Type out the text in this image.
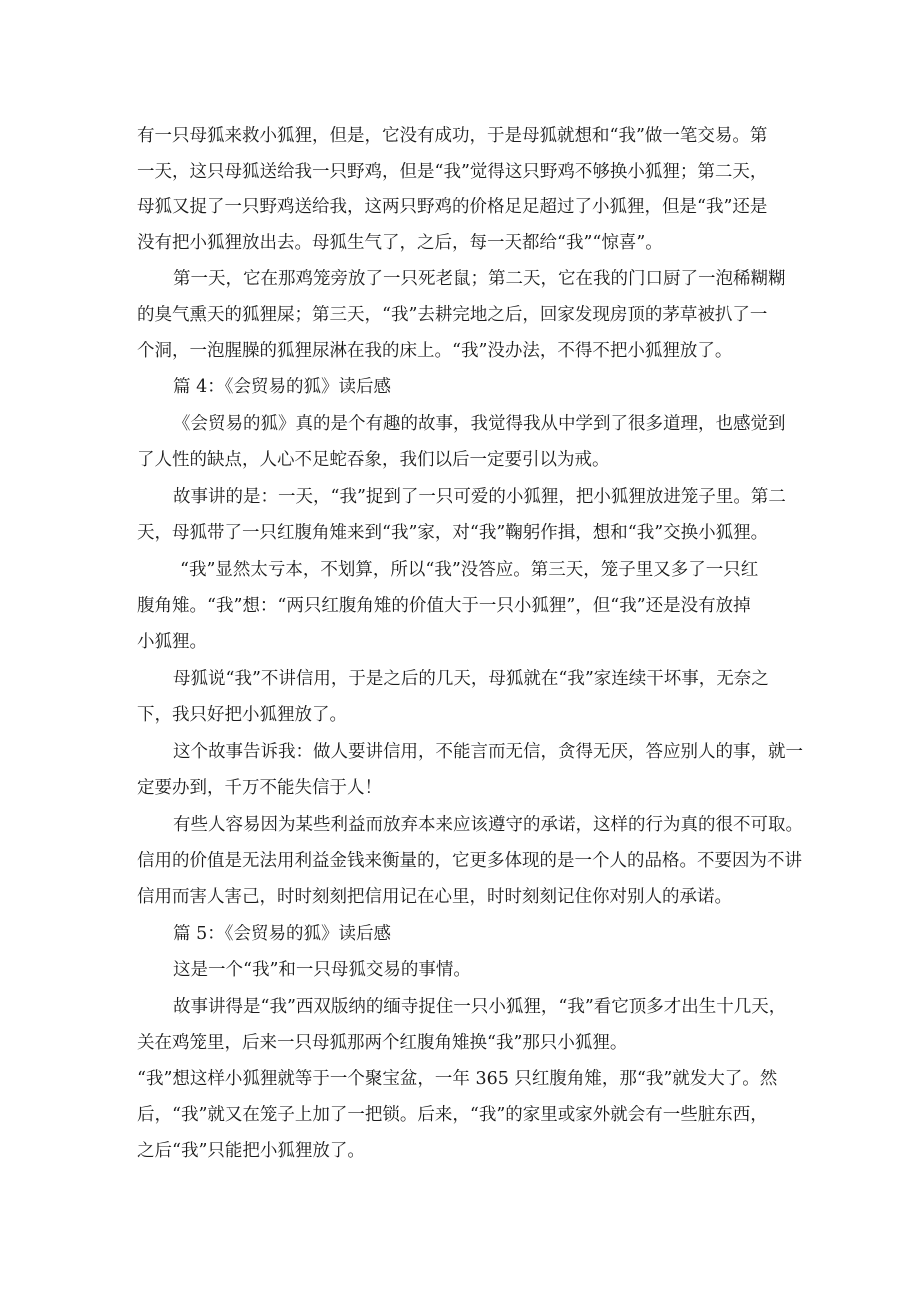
有一只母狐来救小狐狸，但是，它没有成功，于是母狐就想和“我”做一笔交易。第

一天，这只母狐送给我一只野鸡，但是“我”觉得这只野鸡不够换小狐狸；第二天，

母狐又捉了一只野鸡送给我，这两只野鸡的价格足足超过了小狐狸，但是“我”还是

没有把小狐狸放出去。母狐生气了，之后，每一天都给“我”“惊喜”。

第一天，它在那鸡笼旁放了一只死老鼠；第二天，它在我的门口厨了一泡稀糊糊

的臭气熏天的狐狸屎；第三天，“我”去耕完地之后，回家发现房顶的茅草被扒了一

个洞，一泡腥臊的狐狸尿淋在我的床上。“我”没办法，不得不把小狐狸放了。

篇 4：《会贸易的狐》读后感

《会贸易的狐》真的是个有趣的故事，我觉得我从中学到了很多道理，也感觉到

了人性的缺点，人心不足蛇吞象，我们以后一定要引以为戒。

故事讲的是：一天，“我”捉到了一只可爱的小狐狸，把小狐狸放进笼子里。第二

天，母狐带了一只红腹角雉来到“我”家，对“我”鞠躬作揖，想和“我”交换小狐狸。

“我”显然太亏本，不划算，所以“我”没答应。第三天，笼子里又多了一只红

腹角雉。“我”想：“两只红腹角雉的价值大于一只小狐狸”，但“我”还是没有放掉

小狐狸。

母狐说“我”不讲信用，于是之后的几天，母狐就在“我”家连续干坏事，无奈之

下，我只好把小狐狸放了。

这个故事告诉我：做人要讲信用，不能言而无信，贪得无厌，答应别人的事，就一

定要办到，千万不能失信于人！

有些人容易因为某些利益而放弃本来应该遵守的承诺，这样的行为真的很不可取。

信用的价值是无法用利益金钱来衡量的，它更多体现的是一个人的品格。不要因为不讲

信用而害人害己，时时刻刻把信用记在心里，时时刻刻记住你对别人的承诺。

篇 5：《会贸易的狐》读后感

这是一个“我”和一只母狐交易的事情。

故事讲得是“我”西双版纳的缅寺捉住一只小狐狸，“我”看它顶多才出生十几天，

关在鸡笼里，后来一只母狐那两个红腹角雉换“我”那只小狐狸。

“我”想这样小狐狸就等于一个聚宝盆，一年 365 只红腹角雉，那“我”就发大了。然

后，“我”就又在笼子上加了一把锁。后来，“我”的家里或家外就会有一些脏东西，

之后“我”只能把小狐狸放了。
